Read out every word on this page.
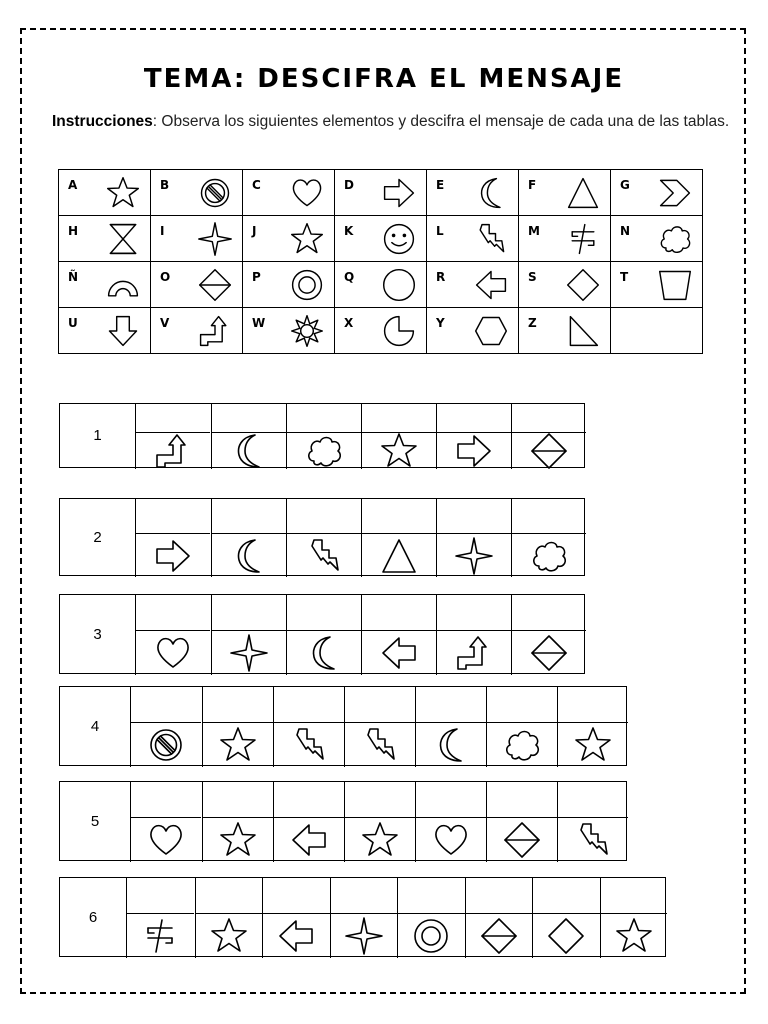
TEMA: DESCIFRA EL MENSAJE
Instrucciones: Observa los siguientes elementos y descifra el mensaje de cada una de las tablas.
A	B	C	D	E	F	G

H	I	J	K	L	M	N

Ñ	O	P	Q	R	S	T

U	V	W	X	Y	Z	

1
2
3
4
5
6
